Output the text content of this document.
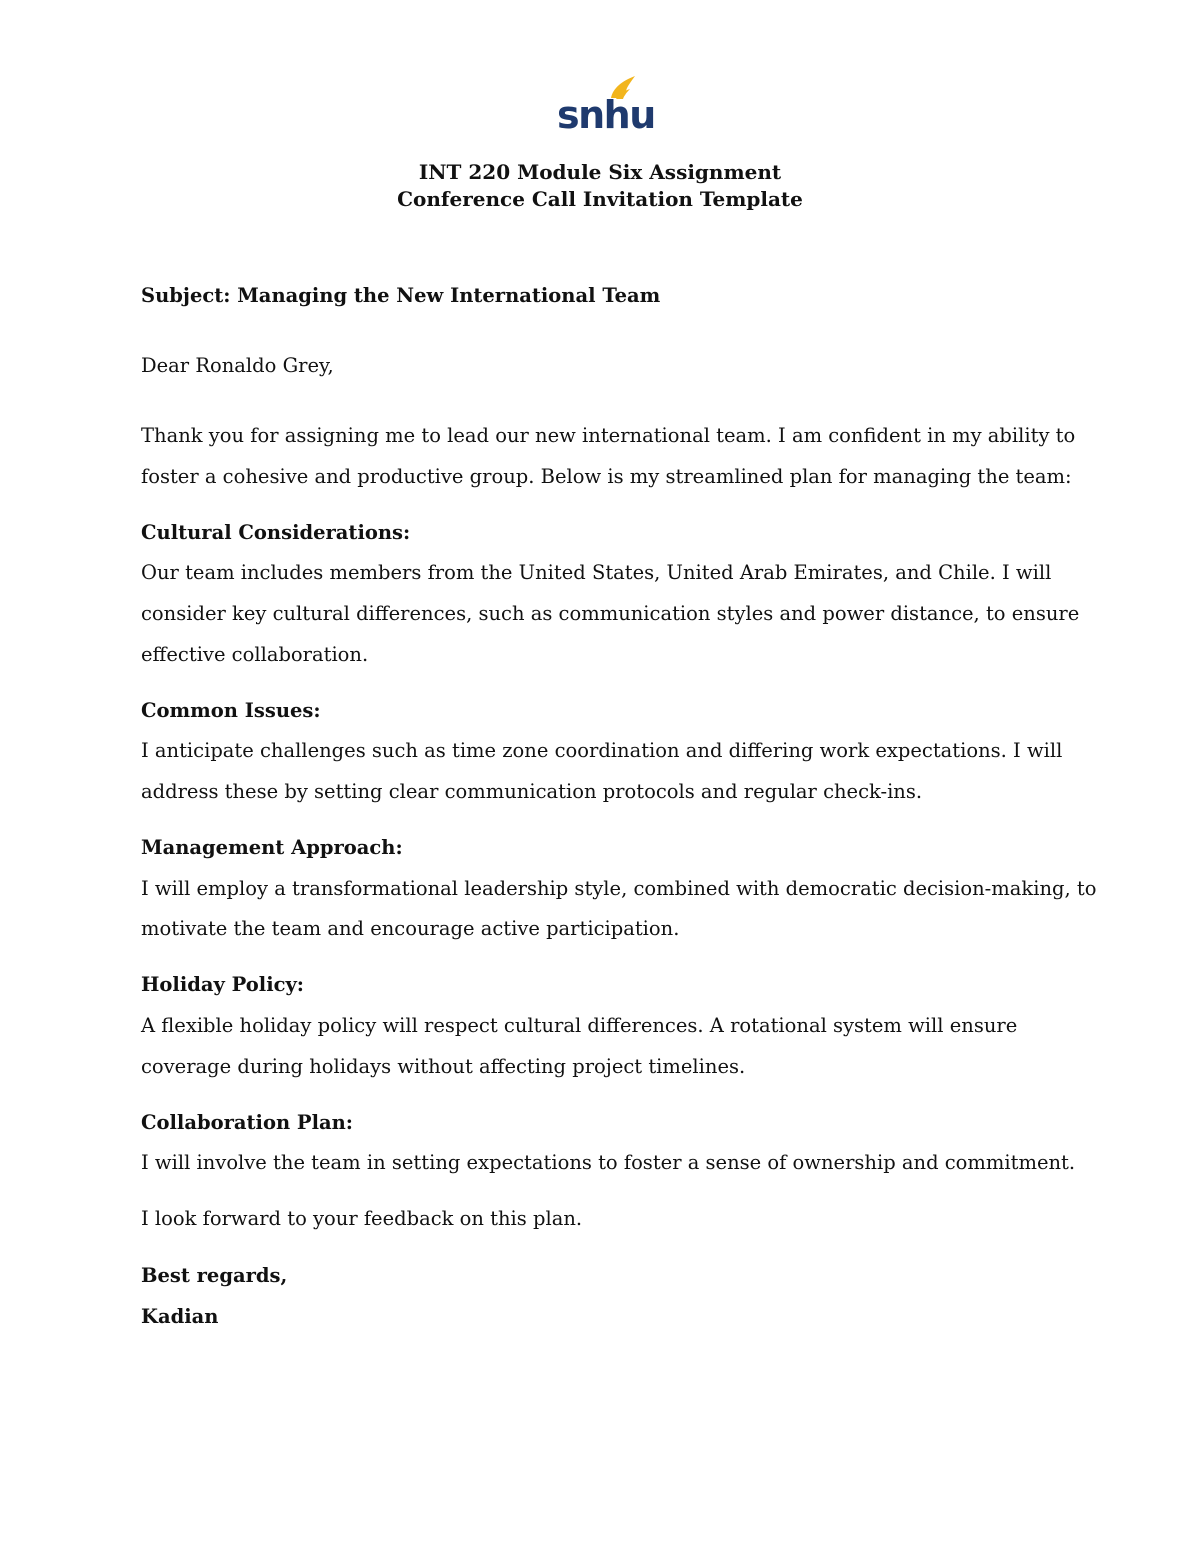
snhu
INT 220 Module Six Assignment
Conference Call Invitation Template
Subject: Managing the New International Team
Dear Ronaldo Grey,
Thank you for assigning me to lead our new international team. I am confident in my ability to
foster a cohesive and productive group. Below is my streamlined plan for managing the team:
Cultural Considerations:
Our team includes members from the United States, United Arab Emirates, and Chile. I will
consider key cultural differences, such as communication styles and power distance, to ensure
effective collaboration.
Common Issues:
I anticipate challenges such as time zone coordination and differing work expectations. I will
address these by setting clear communication protocols and regular check-ins.
Management Approach:
I will employ a transformational leadership style, combined with democratic decision-making, to
motivate the team and encourage active participation.
Holiday Policy:
A flexible holiday policy will respect cultural differences. A rotational system will ensure
coverage during holidays without affecting project timelines.
Collaboration Plan:
I will involve the team in setting expectations to foster a sense of ownership and commitment.
I look forward to your feedback on this plan.
Best regards,
Kadian
